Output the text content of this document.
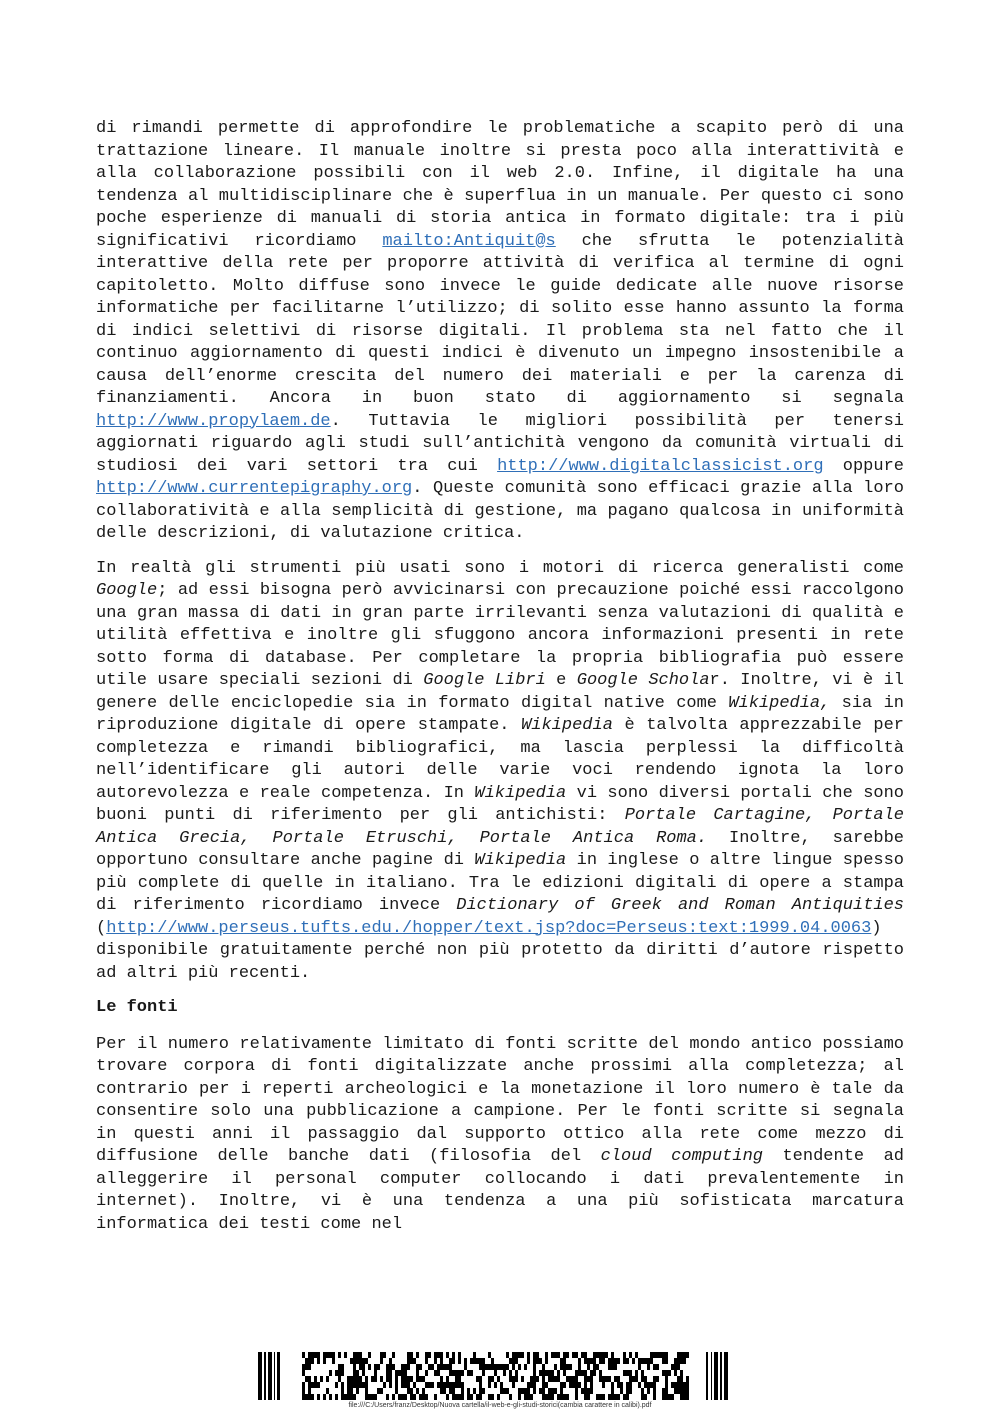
di rimandi permette di approfondire le problematiche a scapito però di una trattazione lineare. Il manuale inoltre si presta poco alla interattività e alla collaborazione possibili con il web 2.0. Infine, il digitale ha una tendenza al multidisciplinare che è superflua in un manuale. Per questo ci sono poche esperienze di manuali di storia antica in formato digitale: tra i più significativi ricordiamo mailto:Antiquit@s che sfrutta le potenzialità interattive della rete per proporre attività di verifica al termine di ogni capitoletto. Molto diffuse sono invece le guide dedicate alle nuove risorse informatiche per facilitarne l’utilizzo; di solito esse hanno assunto la forma di indici selettivi di risorse digitali. Il problema sta nel fatto che il continuo aggiornamento di questi indici è divenuto un impegno insostenibile a causa dell’enorme crescita del numero dei materiali e per la carenza di finanziamenti. Ancora in buon stato di aggiornamento si segnala http://www.propylaem.de. Tuttavia le migliori possibilità per tenersi aggiornati riguardo agli studi sull’antichità vengono da comunità virtuali di studiosi dei vari settori tra cui http://www.digitalclassicist.org oppure http://www.currentepigraphy.org. Queste comunità sono efficaci grazie alla loro collaboratività e alla semplicità di gestione, ma pagano qualcosa in uniformità delle descrizioni, di valutazione critica.

In realtà gli strumenti più usati sono i motori di ricerca generalisti come Google; ad essi bisogna però avvicinarsi con precauzione poiché essi raccolgono una gran massa di dati in gran parte irrilevanti senza valutazioni di qualità e utilità effettiva e inoltre gli sfuggono ancora informazioni presenti in rete sotto forma di database. Per completare la propria bibliografia può essere utile usare speciali sezioni di Google Libri e Google Scholar. Inoltre, vi è il genere delle enciclopedie sia in formato digital native come Wikipedia, sia in riproduzione digitale di opere stampate. Wikipedia è talvolta apprezzabile per completezza e rimandi bibliografici, ma lascia perplessi la difficoltà nell’identificare gli autori delle varie voci rendendo ignota la loro autorevolezza e reale competenza. In Wikipedia vi sono diversi portali che sono buoni punti di riferimento per gli antichisti: Portale Cartagine, Portale Antica Grecia, Portale Etruschi, Portale Antica Roma. Inoltre, sarebbe opportuno consultare anche pagine di Wikipedia in inglese o altre lingue spesso più complete di quelle in italiano. Tra le edizioni digitali di opere a stampa di riferimento ricordiamo invece Dictionary of Greek and Roman Antiquities (http://www.perseus.tufts.edu./hopper/text.jsp?doc=Perseus:text:1999.04.0063) disponibile gratuitamente perché non più protetto da diritti d’autore rispetto ad altri più recenti.

Le fonti

Per il numero relativamente limitato di fonti scritte del mondo antico possiamo trovare corpora di fonti digitalizzate anche prossimi alla completezza; al contrario per i reperti archeologici e la monetazione il loro numero è tale da consentire solo una pubblicazione a campione. Per le fonti scritte si segnala in questi anni il passaggio dal supporto ottico alla rete come mezzo di diffusione delle banche dati (filosofia del cloud computing tendente ad alleggerire il personal computer collocando i dati prevalentemente in internet). Inoltre, vi è una tendenza a una più sofisticata marcatura informatica dei testi come nel

file:///C:/Users/franz/Desktop/Nuova cartella/il-web-e-gli-studi-storici(cambia carattere in calibi).pdf
